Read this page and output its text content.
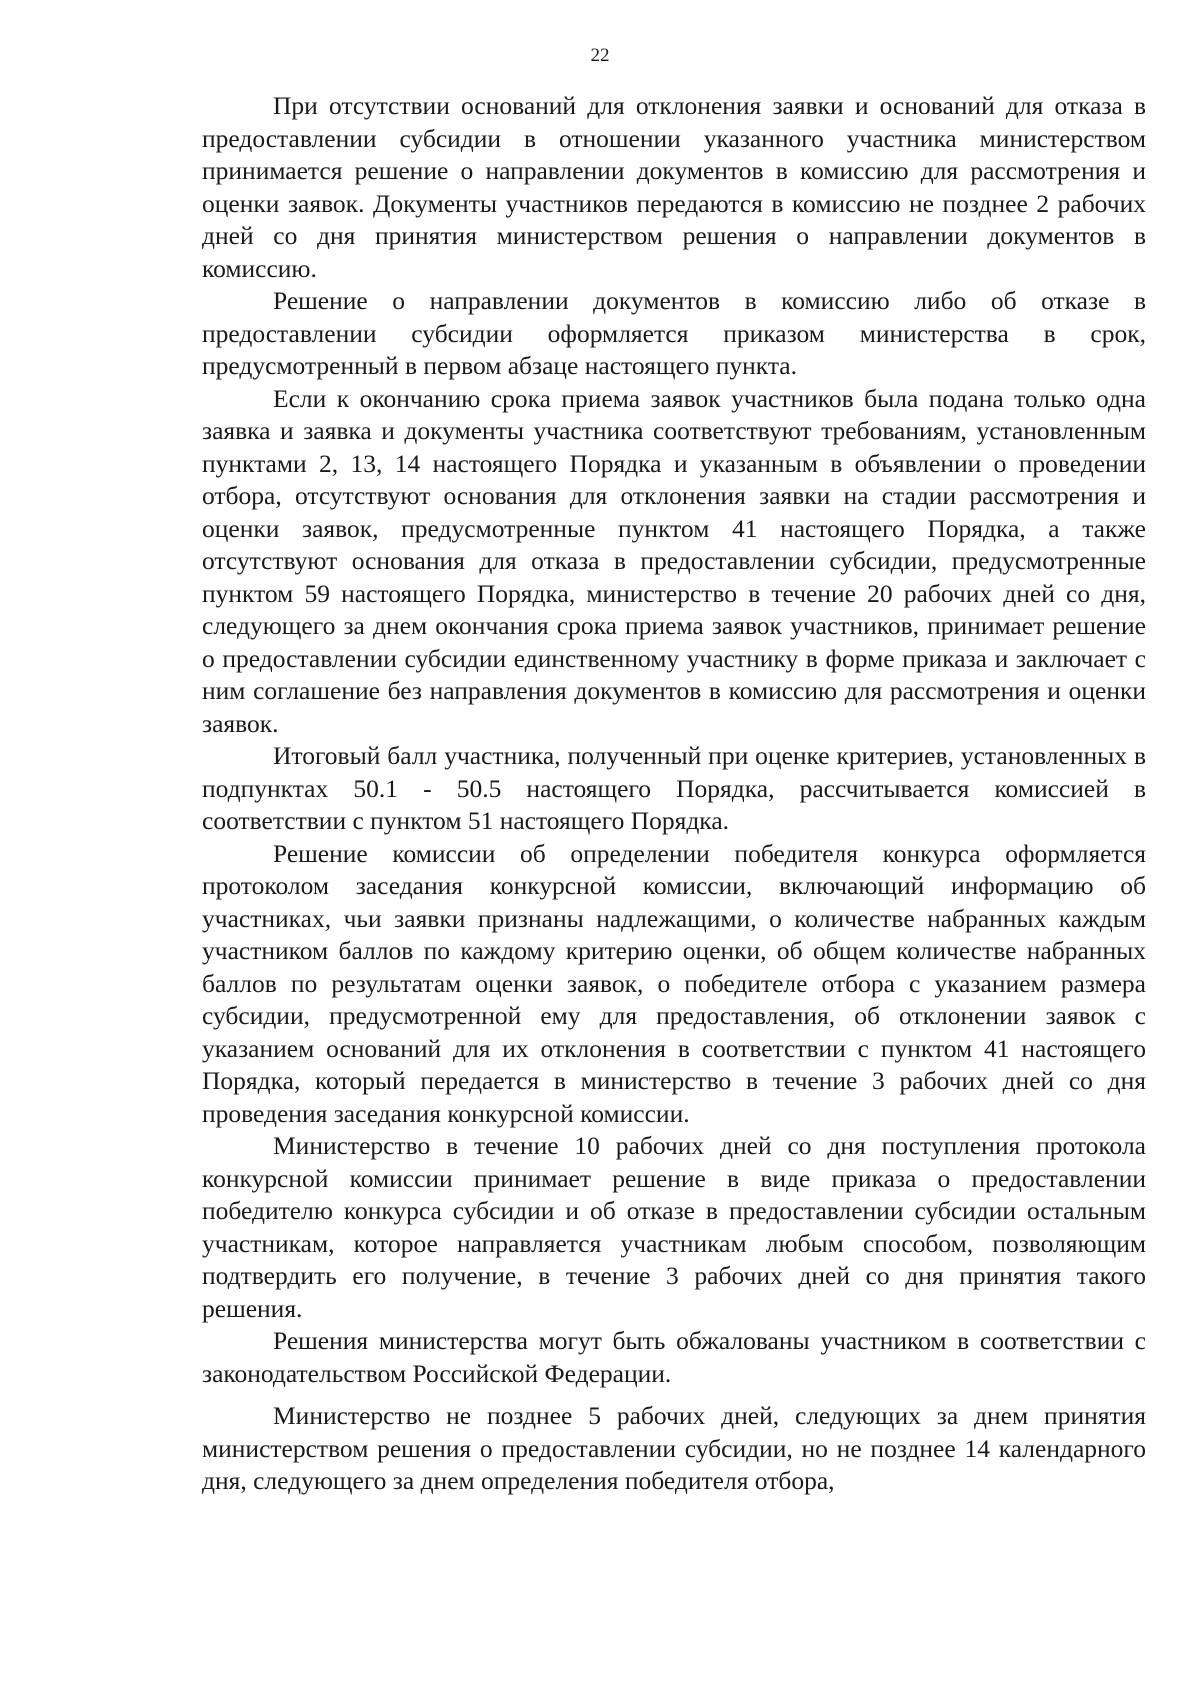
22

При отсутствии оснований для отклонения заявки и оснований для отказа в предоставлении субсидии в отношении указанного участника министерством принимается решение о направлении документов в комиссию для рассмотрения и оценки заявок. Документы участников передаются в комиссию не позднее 2 рабочих дней со дня принятия министерством решения о направлении документов в комиссию.

Решение о направлении документов в комиссию либо об отказе в предоставлении субсидии оформляется приказом министерства в срок, предусмотренный в первом абзаце настоящего пункта.

Если к окончанию срока приема заявок участников была подана только одна заявка и заявка и документы участника соответствуют требованиям, установленным пунктами 2, 13, 14 настоящего Порядка и указанным в объявлении о проведении отбора, отсутствуют основания для отклонения заявки на стадии рассмотрения и оценки заявок, предусмотренные пунктом 41 настоящего Порядка, а также отсутствуют основания для отказа в предоставлении субсидии, предусмотренные пунктом 59 настоящего Порядка, министерство в течение 20 рабочих дней со дня, следующего за днем окончания срока приема заявок участников, принимает решение о предоставлении субсидии единственному участнику в форме приказа и заключает с ним соглашение без направления документов в комиссию для рассмотрения и оценки заявок.

Итоговый балл участника, полученный при оценке критериев, установленных в подпунктах 50.1 - 50.5 настоящего Порядка, рассчитывается комиссией в соответствии с пунктом 51 настоящего Порядка.

Решение комиссии об определении победителя конкурса оформляется протоколом заседания конкурсной комиссии, включающий информацию об участниках, чьи заявки признаны надлежащими, о количестве набранных каждым участником баллов по каждому критерию оценки, об общем количестве набранных баллов по результатам оценки заявок, о победителе отбора с указанием размера субсидии, предусмотренной ему для предоставления, об отклонении заявок с указанием оснований для их отклонения в соответствии с пунктом 41 настоящего Порядка, который передается в министерство в течение 3 рабочих дней со дня проведения заседания конкурсной комиссии.

Министерство в течение 10 рабочих дней со дня поступления протокола конкурсной комиссии принимает решение в виде приказа о предоставлении победителю конкурса субсидии и об отказе в предоставлении субсидии остальным участникам, которое направляется участникам любым способом, позволяющим подтвердить его получение, в течение 3 рабочих дней со дня принятия такого решения.

Решения министерства могут быть обжалованы участником в соответствии с законодательством Российской Федерации.

Министерство не позднее 5 рабочих дней, следующих за днем принятия министерством решения о предоставлении субсидии, но не позднее 14 календарного дня, следующего за днем определения победителя отбора,
